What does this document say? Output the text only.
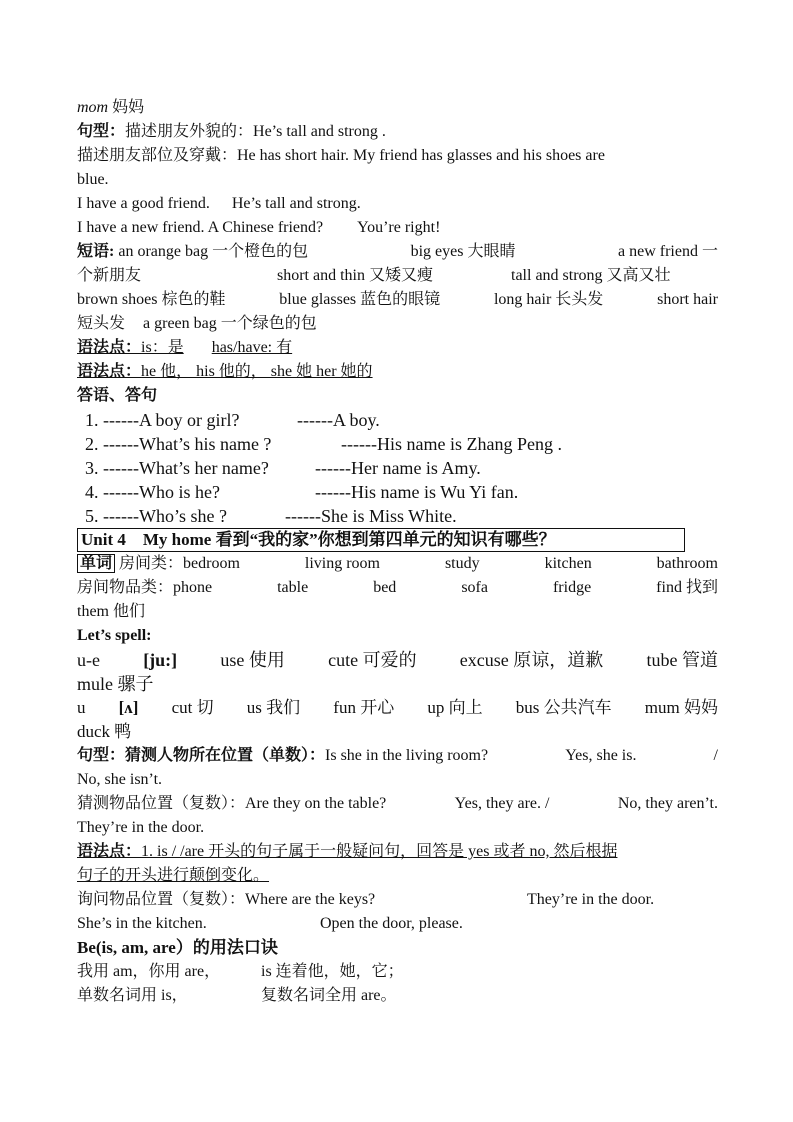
mom 妈妈
句型：描述朋友外貌的：He’s tall and strong .
描述朋友部位及穿戴：He has short hair. My friend has glasses and his shoes are
blue.
I have a good friend. He’s tall and strong.
I have a new friend. A Chinese friend? You’re right!
短语: an orange bag 一个橙色的包	big eyes 大眼睛	a new friend 一
个新朋友	short and thin 又矮又瘦	tall and strong 又高又壮
brown shoes 棕色的鞋	blue glasses 蓝色的眼镜	long hair 长头发	short hair
短头发 a green bag 一个绿色的包
语法点：is：是 has/have: 有
语法点：he 他， his 他的， she 她 her 她的
答语、答句
1. ------A boy or girl?	------A boy.
2. ------What’s his name ?	------His name is Zhang Peng .
3. ------What’s her name?	------Her name is Amy.
4. ------Who is he?	------His name is Wu Yi fan.
5. ------Who’s she ?	------She is Miss White.
Unit 4　My home 看到“我的家”你想到第四单元的知识有哪些？
单词 房间类：bedroom	living room	study	kitchen	bathroom
房间物品类：phone	table	bed	sofa	fridge	find 找到
them 他们
Let’s spell:
u-e [ju:] use 使用 cute 可爱的 excuse 原谅，道歉 tube 管道
mule 骡子
u [ʌ] cut 切 us 我们 fun 开心 up 向上 bus 公共汽车 mum 妈妈
duck 鸭
句型：猜测人物所在位置（单数）：Is she in the living room?	Yes, she is.	/
No, she isn’t.
猜测物品位置（复数）：Are they on the table?	Yes, they are. /	No, they aren’t.
They’re in the door.
语法点：1. is / /are 开头的句子属于一般疑问句，回答是 yes 或者 no, 然后根据
句子的开头进行颠倒变化。
询问物品位置（复数）：Where are the keys?	They’re in the door.
She’s in the kitchen.	Open the door, please.
Be(is, am, are）的用法口诀
我用 am，你用 are，	is 连着他，她，它；
单数名词用 is，	复数名词全用 are。
